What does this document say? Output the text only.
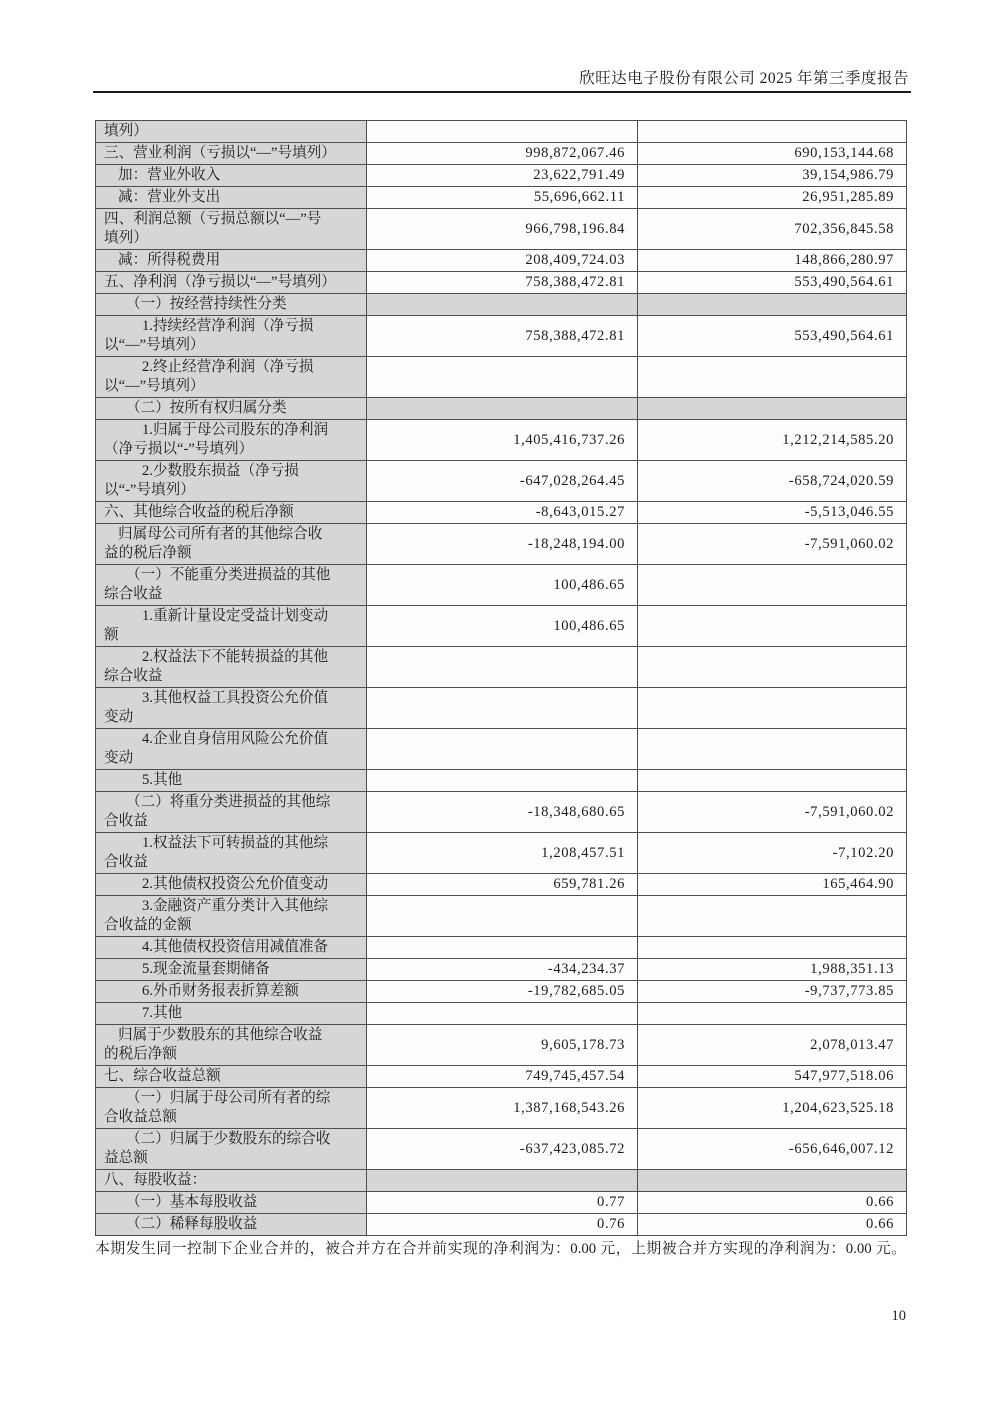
欣旺达电子股份有限公司 2025 年第三季度报告
填列）		
三、营业利润（亏损以“—”号填列）	998,872,067.46	690,153,144.68
加：营业外收入	23,622,791.49	39,154,986.79
减：营业外支出	55,696,662.11	26,951,285.89
四、利润总额（亏损总额以“—”号填列）	966,798,196.84	702,356,845.58
减：所得税费用	208,409,724.03	148,866,280.97
五、净利润（净亏损以“—”号填列）	758,388,472.81	553,490,564.61
（一）按经营持续性分类		
1.持续经营净利润（净亏损以“—”号填列）	758,388,472.81	553,490,564.61
2.终止经营净利润（净亏损以“—”号填列）		
（二）按所有权归属分类		
1.归属于母公司股东的净利润（净亏损以“-”号填列）	1,405,416,737.26	1,212,214,585.20
2.少数股东损益（净亏损以“-”号填列）	-647,028,264.45	-658,724,020.59
六、其他综合收益的税后净额	-8,643,015.27	-5,513,046.55
归属母公司所有者的其他综合收益的税后净额	-18,248,194.00	-7,591,060.02
（一）不能重分类进损益的其他综合收益	100,486.65	
1.重新计量设定受益计划变动额	100,486.65	
2.权益法下不能转损益的其他综合收益		
3.其他权益工具投资公允价值变动		
4.企业自身信用风险公允价值变动		
5.其他		
（二）将重分类进损益的其他综合收益	-18,348,680.65	-7,591,060.02
1.权益法下可转损益的其他综合收益	1,208,457.51	-7,102.20
2.其他债权投资公允价值变动	659,781.26	165,464.90
3.金融资产重分类计入其他综合收益的金额		
4.其他债权投资信用减值准备		
5.现金流量套期储备	-434,234.37	1,988,351.13
6.外币财务报表折算差额	-19,782,685.05	-9,737,773.85
7.其他		
归属于少数股东的其他综合收益的税后净额	9,605,178.73	2,078,013.47
七、综合收益总额	749,745,457.54	547,977,518.06
（一）归属于母公司所有者的综合收益总额	1,387,168,543.26	1,204,623,525.18
（二）归属于少数股东的综合收益总额	-637,423,085.72	-656,646,007.12
八、每股收益：		
（一）基本每股收益	0.77	0.66
（二）稀释每股收益	0.76	0.66
本期发生同一控制下企业合并的，被合并方在合并前实现的净利润为：0.00 元，上期被合并方实现的净利润为：0.00 元。
10
